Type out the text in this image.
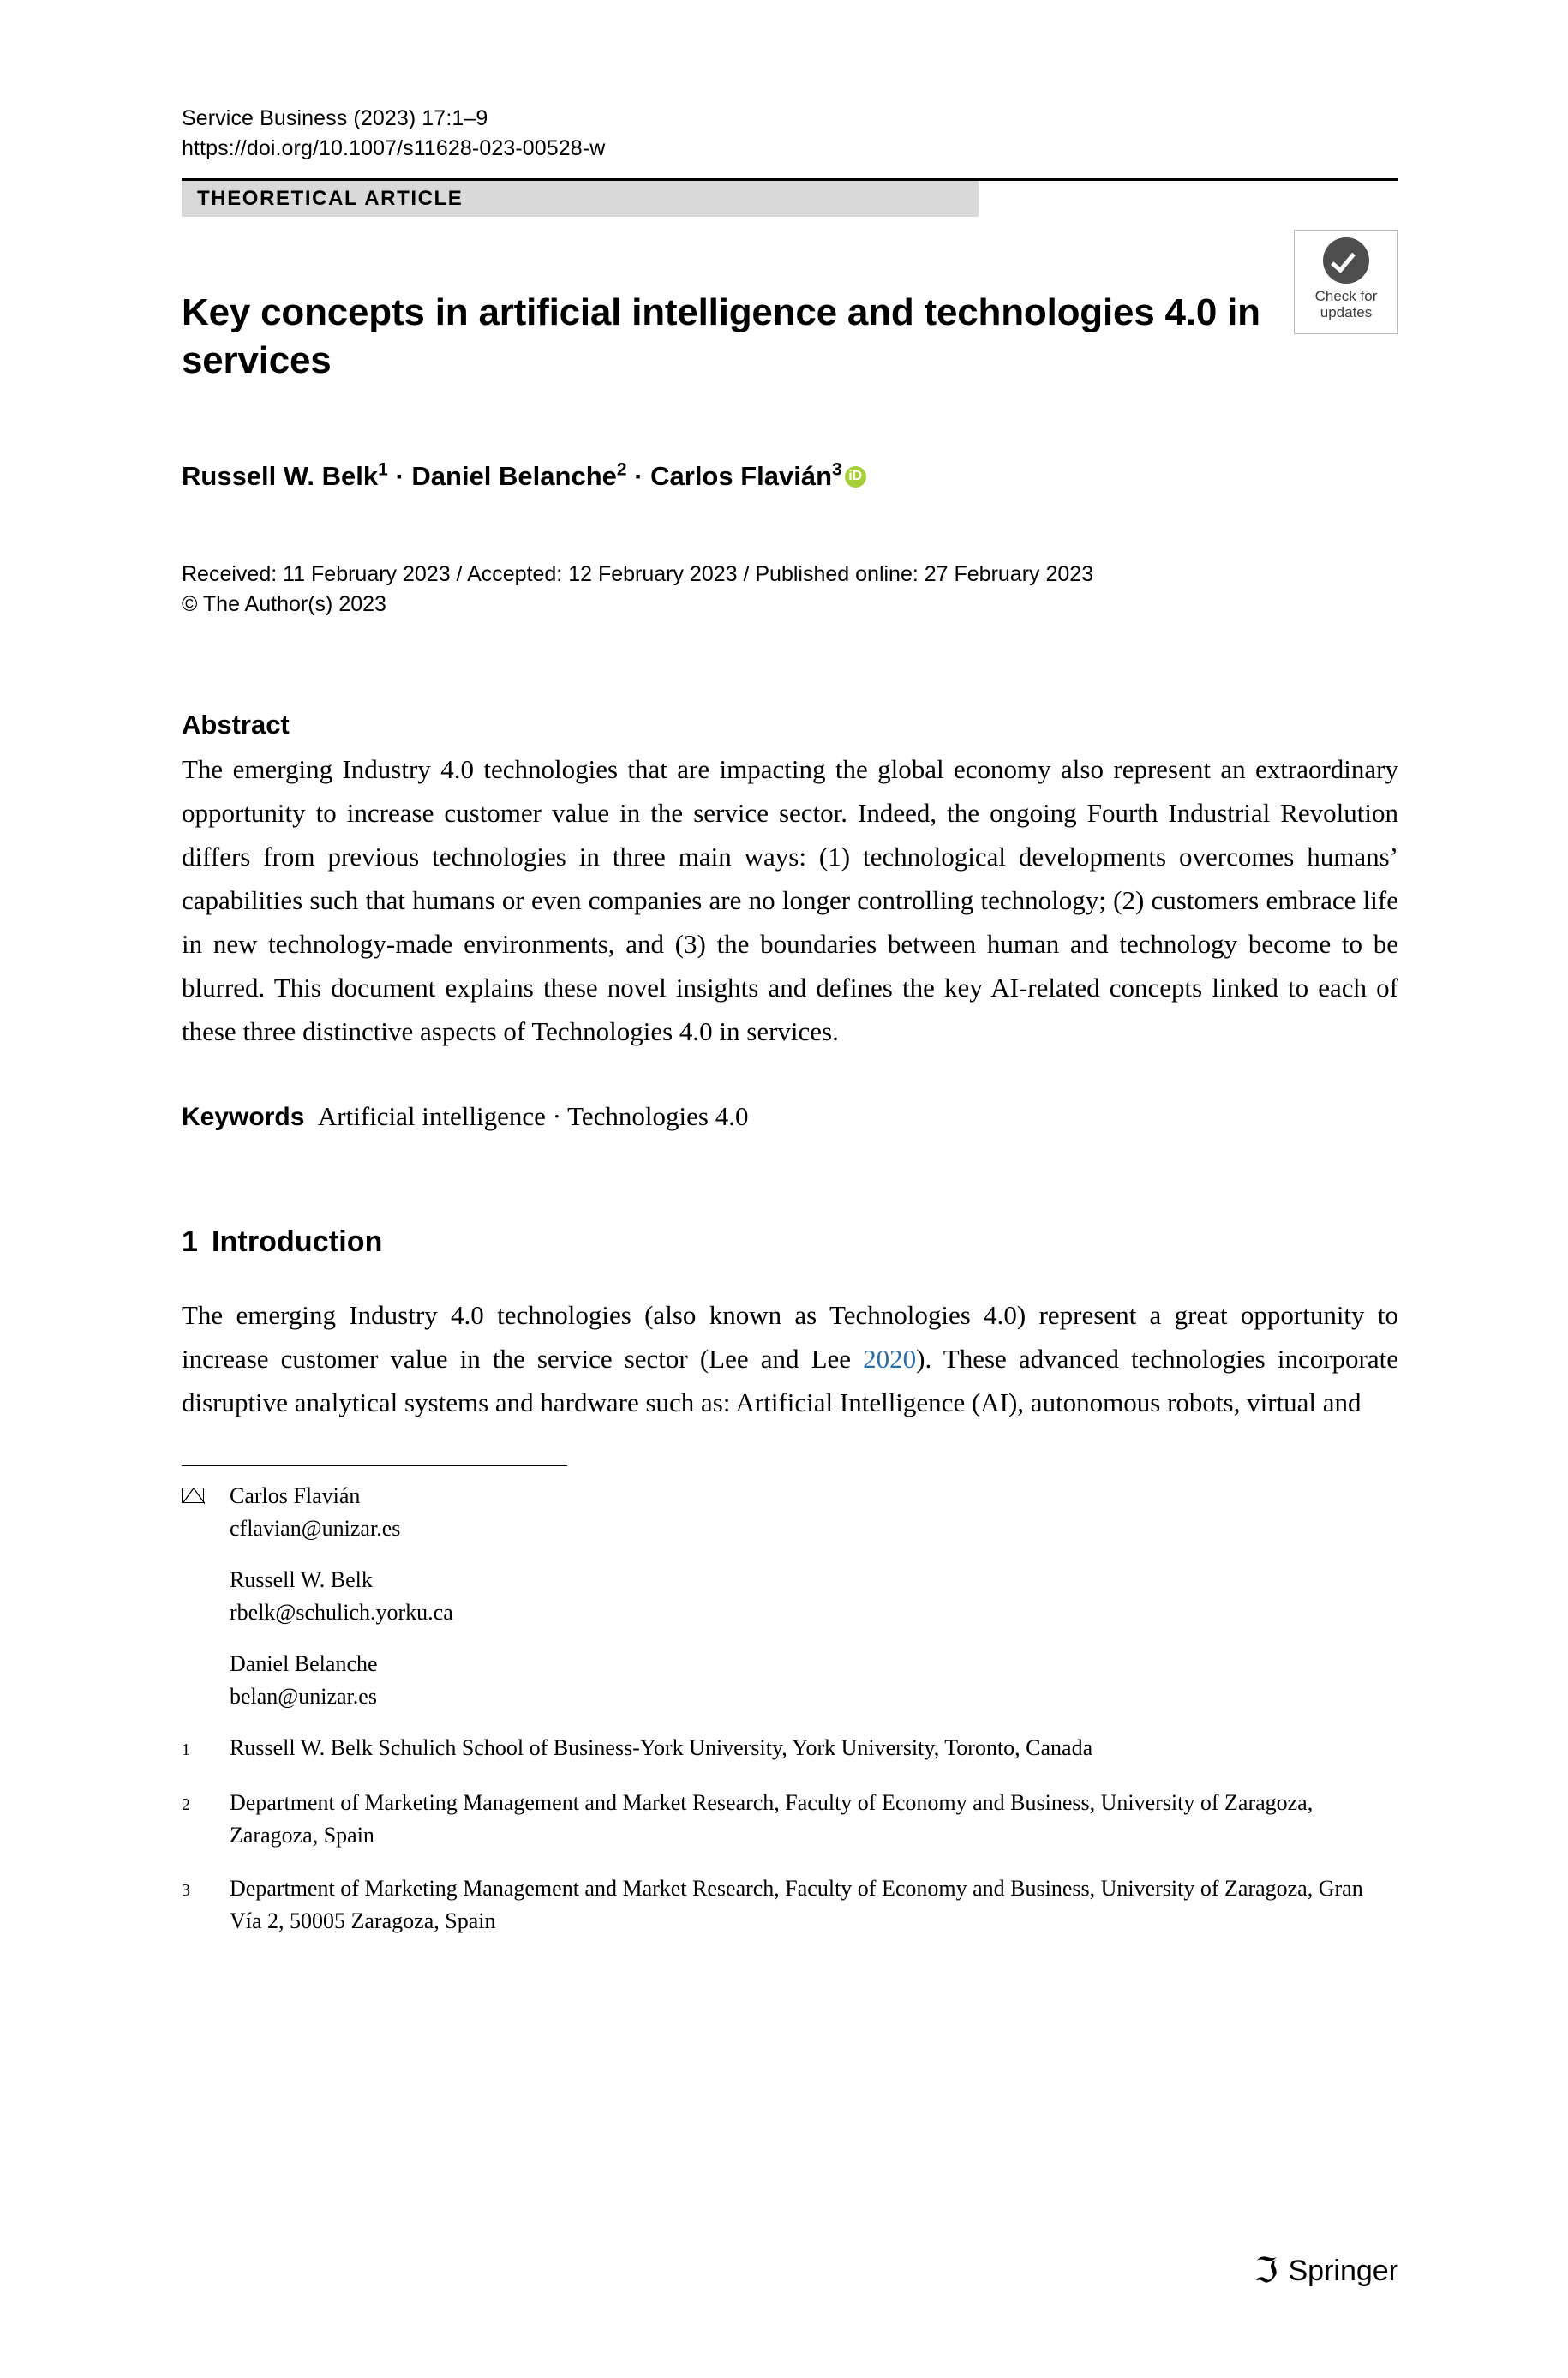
Service Business (2023) 17:1–9
https://doi.org/10.1007/s11628-023-00528-w
THEORETICAL ARTICLE
Check for
updates
Key concepts in artificial intelligence and technologies 4.0 in services
Russell W. Belk$^1$ · Daniel Belanche$^2$ · Carlos Flavián$^3$iD
Received: 11 February 2023 / Accepted: 12 February 2023 / Published online: 27 February 2023
© The Author(s) 2023
Abstract
The emerging Industry 4.0 technologies that are impacting the global economy also represent an extraordinary opportunity to increase customer value in the service sector. Indeed, the ongoing Fourth Industrial Revolution differs from previous technologies in three main ways: (1) technological developments overcomes humans’ capabilities such that humans or even companies are no longer controlling technology; (2) customers embrace life in new technology-made environments, and (3) the boundaries between human and technology become to be blurred. This document explains these novel insights and defines the key AI-related concepts linked to each of these three distinctive aspects of Technologies 4.0 in services.
Keywords Artificial intelligence · Technologies 4.0
1 Introduction
The emerging Industry 4.0 technologies (also known as Technologies 4.0) represent a great opportunity to increase customer value in the service sector (Lee and Lee 2020). These advanced technologies incorporate disruptive analytical systems and hardware such as: Artificial Intelligence (AI), autonomous robots, virtual and
Carlos Flavián
cflavian@unizar.es
Russell W. Belk
rbelk@schulich.yorku.ca
Daniel Belanche
belan@unizar.es
1	Russell W. Belk Schulich School of Business-York University, York University, Toronto, Canada
2	Department of Marketing Management and Market Research, Faculty of Economy and Business, University of Zaragoza, Zaragoza, Spain
3	Department of Marketing Management and Market Research, Faculty of Economy and Business, University of Zaragoza, Gran Vía 2, 50005 Zaragoza, Spain
ℑ Springer
